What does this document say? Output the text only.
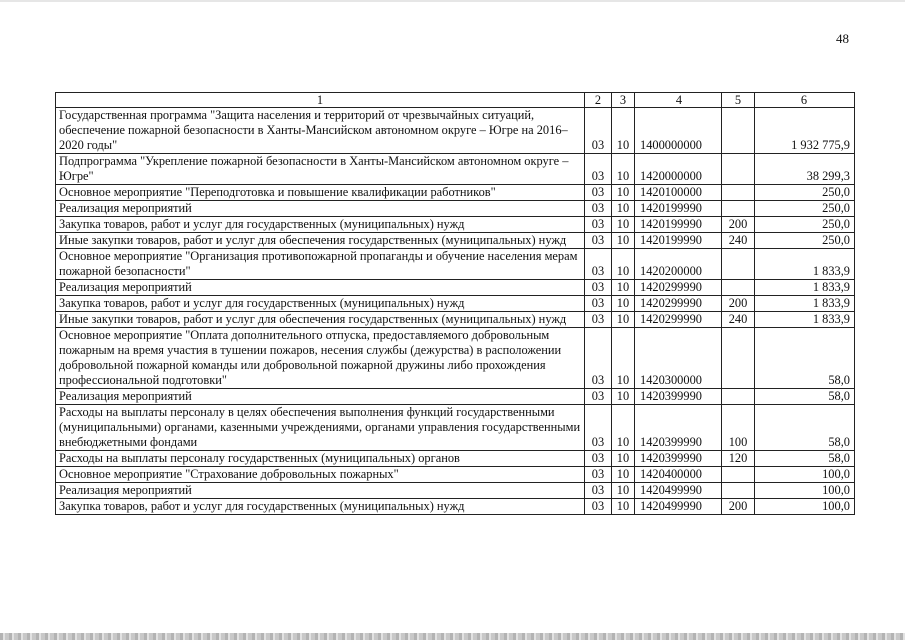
48
1	2	3	4	5	6
Государственная программа "Защита населения и территорий от чрезвычайных ситуаций, обеспечение пожарной безопасности в Ханты-Мансийском автономном округе – Югре на 2016–2020 годы"	03	10	1400000000		1 932 775,9
Подпрограмма "Укрепление пожарной безопасности в Ханты-Мансийском автономном округе – Югре"	03	10	1420000000		38 299,3
Основное мероприятие "Переподготовка и повышение квалификации работников"	03	10	1420100000		250,0
Реализация мероприятий	03	10	1420199990		250,0
Закупка товаров, работ и услуг для государственных (муниципальных) нужд	03	10	1420199990	200	250,0
Иные закупки товаров, работ и услуг для обеспечения государственных (муниципальных) нужд	03	10	1420199990	240	250,0
Основное мероприятие "Организация противопожарной пропаганды и обучение населения мерам пожарной безопасности"	03	10	1420200000		1 833,9
Реализация мероприятий	03	10	1420299990		1 833,9
Закупка товаров, работ и услуг для государственных (муниципальных) нужд	03	10	1420299990	200	1 833,9
Иные закупки товаров, работ и услуг для обеспечения государственных (муниципальных) нужд	03	10	1420299990	240	1 833,9
Основное мероприятие "Оплата дополнительного отпуска, предоставляемого добровольным пожарным на время участия в тушении пожаров, несения службы (дежурства) в расположении добровольной пожарной команды или добровольной пожарной дружины либо прохождения профессиональной подготовки"	03	10	1420300000		58,0
Реализация мероприятий	03	10	1420399990		58,0
Расходы на выплаты персоналу в целях обеспечения выполнения функций государственными (муниципальными) органами, казенными учреждениями, органами управления государственными внебюджетными фондами	03	10	1420399990	100	58,0
Расходы на выплаты персоналу государственных (муниципальных) органов	03	10	1420399990	120	58,0
Основное мероприятие "Страхование добровольных пожарных"	03	10	1420400000		100,0
Реализация мероприятий	03	10	1420499990		100,0
Закупка товаров, работ и услуг для государственных (муниципальных) нужд	03	10	1420499990	200	100,0
